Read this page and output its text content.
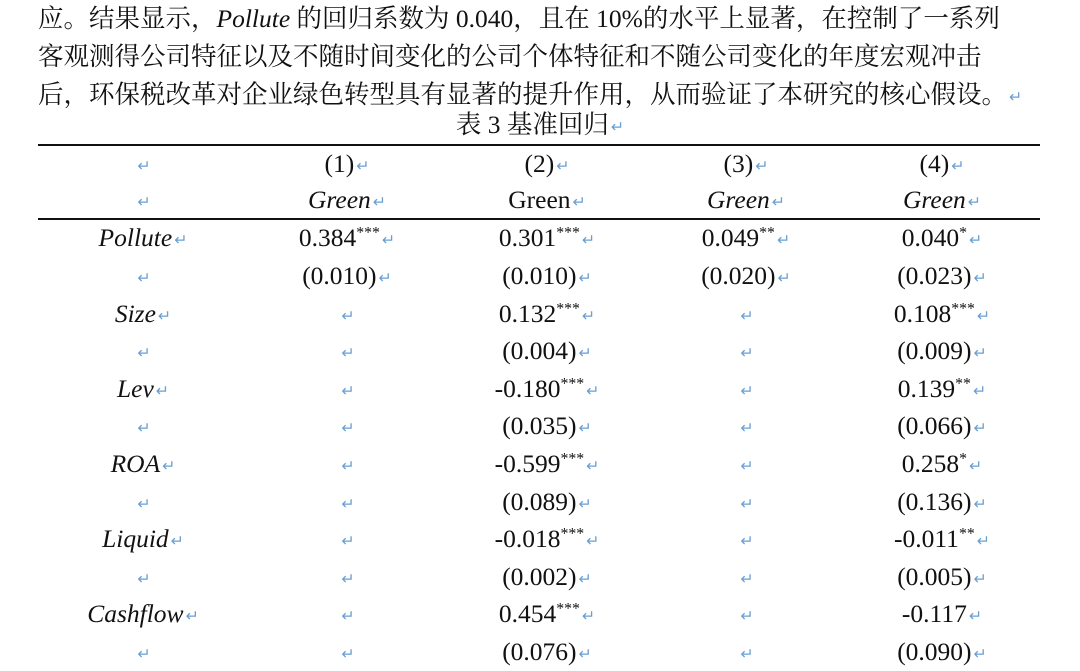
应。结果显示，Pollute 的回归系数为 0.040，且在 10%的水平上显著，在控制了一系列
客观测得公司特征以及不随时间变化的公司个体特征和不随公司变化的年度宏观冲击
后，环保税改革对企业绿色转型具有显著的提升作用，从而验证了本研究的核心假设。 ↵
表 3 基准回归 ↵
↵	(1) ↵	(2) ↵	(3) ↵	(4) ↵
↵	Green ↵	Green ↵	Green ↵	Green ↵

Pollute ↵	0.384*** ↵	0.301*** ↵	0.049** ↵	0.040* ↵
↵	(0.010) ↵	(0.010) ↵	(0.020) ↵	(0.023) ↵
Size ↵	↵	0.132*** ↵	↵	0.108*** ↵
↵	↵	(0.004) ↵	↵	(0.009) ↵
Lev ↵	↵	-0.180*** ↵	↵	0.139** ↵
↵	↵	(0.035) ↵	↵	(0.066) ↵
ROA ↵	↵	-0.599*** ↵	↵	0.258* ↵
↵	↵	(0.089) ↵	↵	(0.136) ↵
Liquid ↵	↵	-0.018*** ↵	↵	-0.011** ↵
↵	↵	(0.002) ↵	↵	(0.005) ↵
Cashflow ↵	↵	0.454*** ↵	↵	-0.117 ↵
↵	↵	(0.076) ↵	↵	(0.090) ↵
